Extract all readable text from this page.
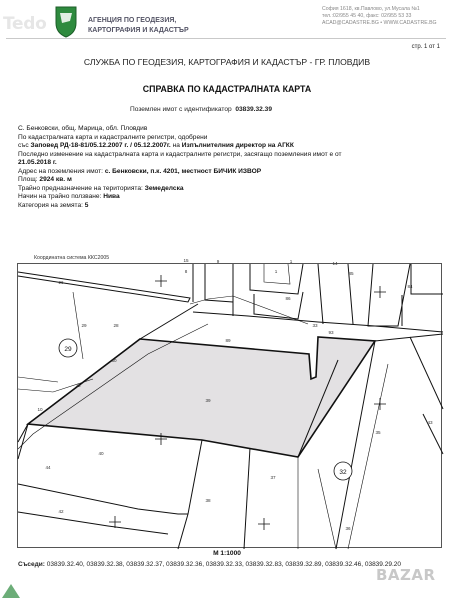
Tedo	АГЕНЦИЯ ПО ГЕОДЕЗИЯ,
КАРТОГРАФИЯ И КАДАСТЪР
София 1618, кв.Павлово, ул.Мусала №1
тел.:02/955 45 40, факс: 02/955 53 33
ACAD@CADASTRE.BG • WWW.CADASTRE.BG
стр. 1 от 1
СЛУЖБА ПО ГЕОДЕЗИЯ, КАРТОГРАФИЯ И КАДАСТЪР - ГР. ПЛОВДИВ
СПРАВКА ПО КАДАСТРАЛНАТА КАРТА
Поземлен имот с идентификатор 03839.32.39
С. Бенковски, общ. Марица, обл. Пловдив
По кадастралната карта и кадастралните регистри, одобрени
със Заповед РД-18-81/05.12.2007 г. / 05.12.2007г. на Изпълнителния директор на АГКК
Последно изменение на кадастралната карта и кадастралните регистри, засягащо поземления имот е от
21.05.2018 г.
Адрес на поземления имот: с. Бенковски, п.к. 4201, местност БИЧИК ИЗВОР
Площ: 2924 кв. м
Трайно предназначение на територията: Земеделска
Начин на трайно ползване: Нива
Категория на земята: 5
Координатна система ККС2005
29
32
39
26
28
29
30
10
44
40
42
36
38
37
35
33
86
89
85
84
93
1
1
8
9
15
14
43
25
М 1:1000
Съседи: 03839.32.40, 03839.32.38, 03839.32.37, 03839.32.36, 03839.32.33, 03839.32.83, 03839.32.89, 03839.32.46, 03839.29.20
BAZAR
